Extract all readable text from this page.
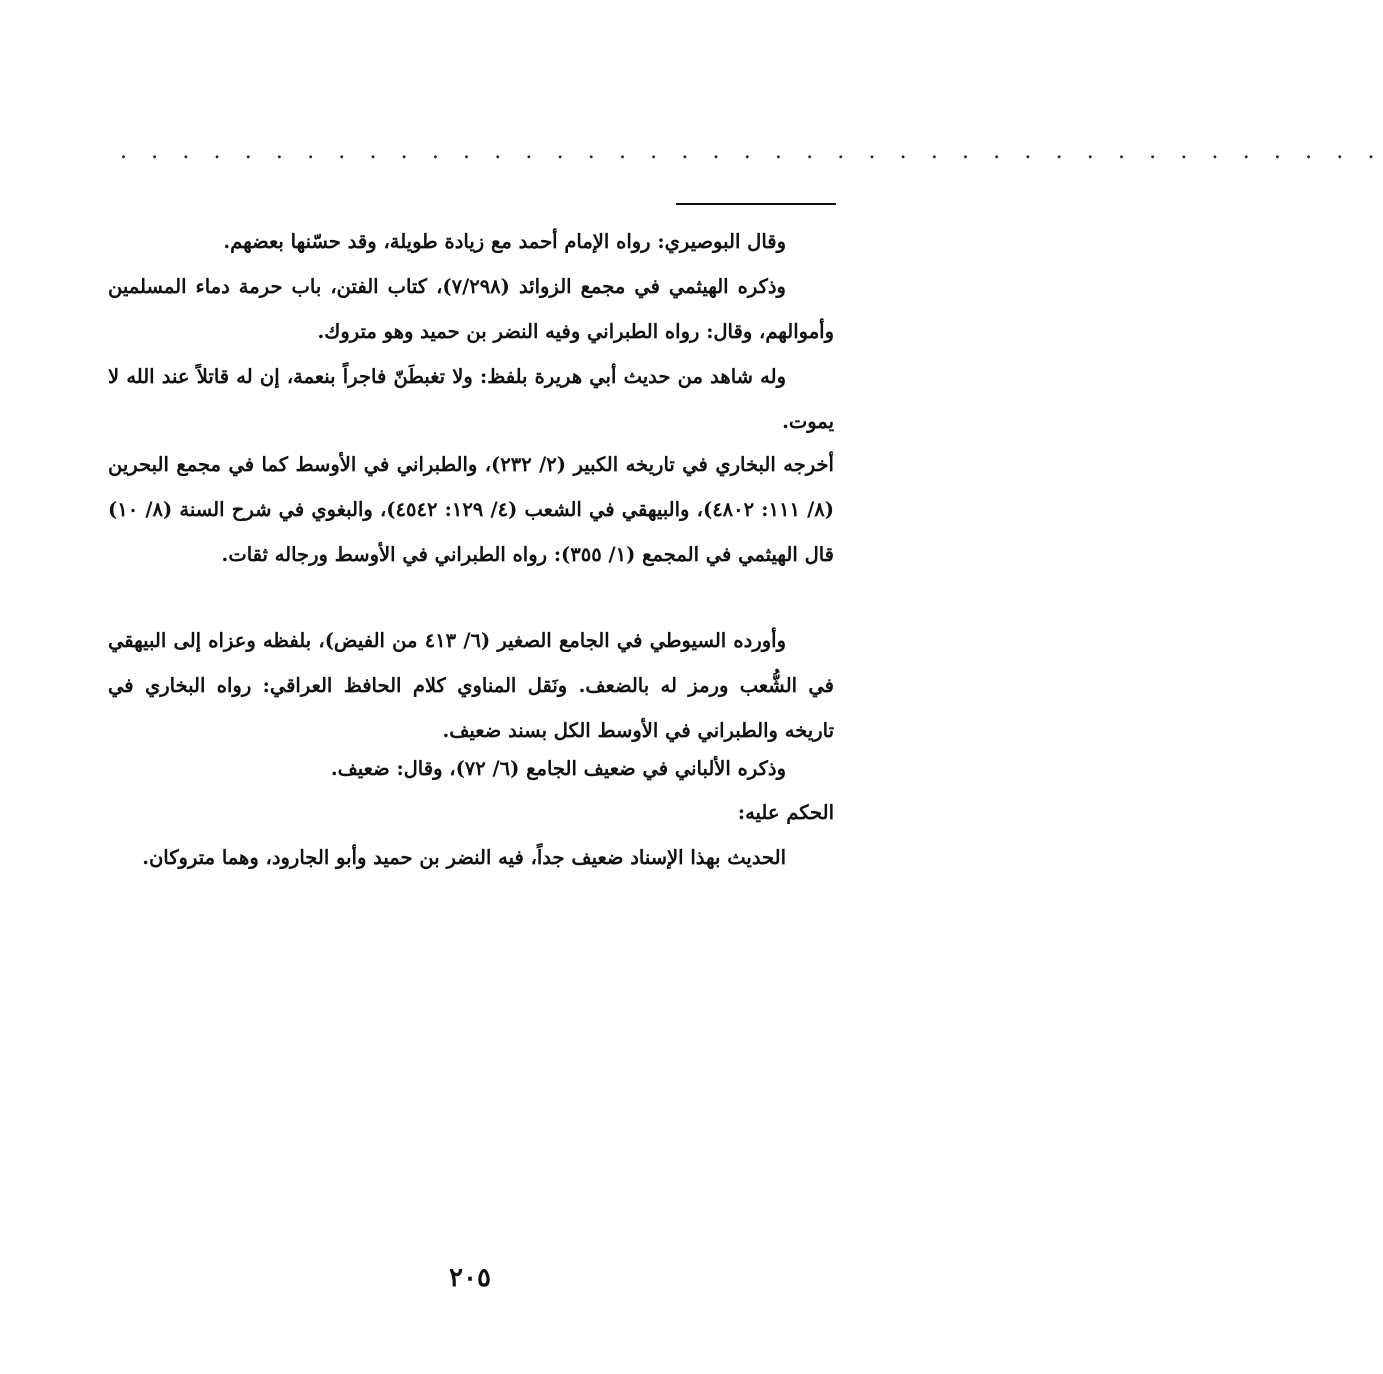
. . . . . . . . . . . . . . . . . . . . . . . . . . . . . . . . . . . . . . . . .

وقال البوصيري: رواه الإمام أحمد مع زيادة طويلة، وقد حسّنها بعضهم.

وذكره الهيثمي في مجمع الزوائد (٧/٢٩٨)، كتاب الفتن، باب حرمة دماء المسلمين وأموالهم، وقال: رواه الطبراني وفيه النضر بن حميد وهو متروك.

وله شاهد من حديث أبي هريرة بلفظ: ولا تغبطَنّ فاجراً بنعمة، إن له قاتلاً عند الله لا يموت.

أخرجه البخاري في تاريخه الكبير (٢/ ٢٣٢)، والطبراني في الأوسط كما في مجمع البحرين (٨/ ١١١: ٤٨٠٢)، والبيهقي في الشعب (٤/ ١٢٩: ٤٥٤٢)، والبغوي في شرح السنة (٨/ ١٠) قال الهيثمي في المجمع (١/ ٣٥٥): رواه الطبراني في الأوسط ورجاله ثقات.

وأورده السيوطي في الجامع الصغير (٦/ ٤١٣ من الفيض)، بلفظه وعزاه إلى البيهقي في الشُّعب ورمز له بالضعف. ونَقل المناوي كلام الحافظ العراقي: رواه البخاري في تاريخه والطبراني في الأوسط الكل بسند ضعيف.

وذكره الألباني في ضعيف الجامع (٦/ ٧٢)، وقال: ضعيف.

الحكم عليه:

الحديث بهذا الإسناد ضعيف جداً، فيه النضر بن حميد وأبو الجارود، وهما متروكان.

٢٠٥
